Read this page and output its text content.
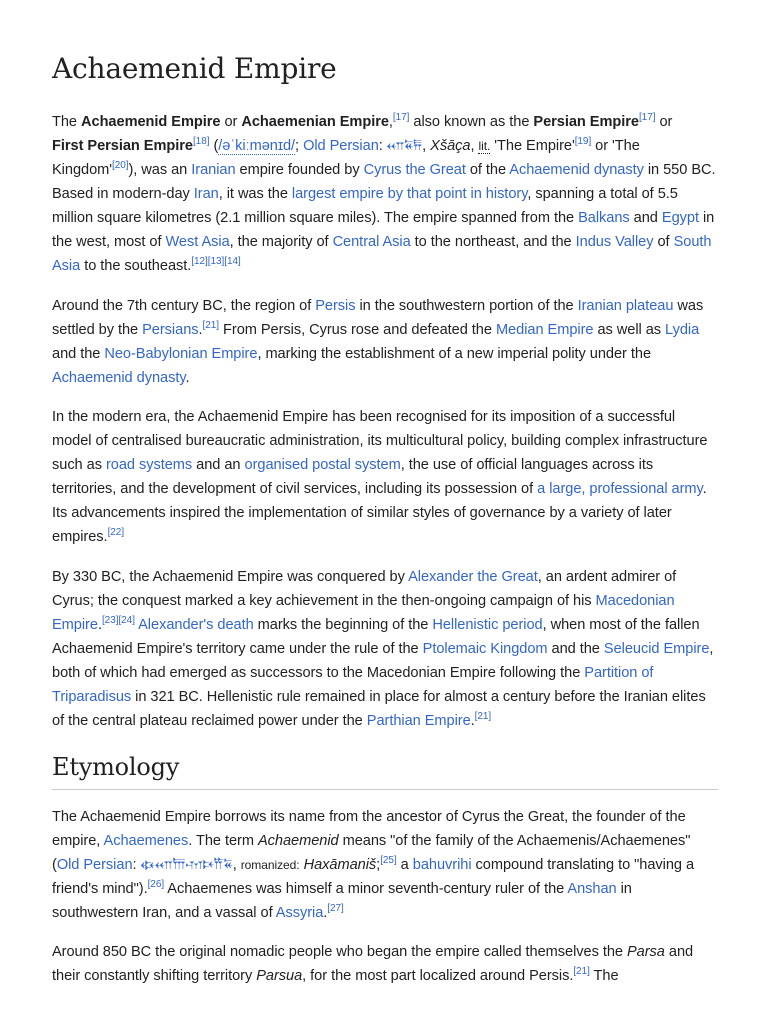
Achaemenid Empire

The Achaemenid Empire or Achaemenian Empire,[17] also known as the Persian Empire[17] or
First Persian Empire[18] (/əˈkiːmənɪd/; Old Persian: 𐎧𐏁𐏂, Xšāça, lit. 'The Empire'[19] or 'The Kingdom'[20]), was an Iranian empire founded by Cyrus the Great of the Achaemenid dynasty in 550 BC. Based in modern-day Iran, it was the largest empire by that point in history, spanning a total of 5.5 million square kilometres (2.1 million square miles). The empire spanned from the Balkans and Egypt in the west, most of West Asia, the majority of Central Asia to the northeast, and the Indus Valley of South Asia to the southeast.[12][13][14]

Around the 7th century BC, the region of Persis in the southwestern portion of the Iranian plateau was settled by the Persians.[21] From Persis, Cyrus rose and defeated the Median Empire as well as Lydia and the Neo-Babylonian Empire, marking the establishment of a new imperial polity under the Achaemenid dynasty.

In the modern era, the Achaemenid Empire has been recognised for its imposition of a successful model of centralised bureaucratic administration, its multicultural policy, building complex infrastructure such as road systems and an organised postal system, the use of official languages across its territories, and the development of civil services, including its possession of a large, professional army. Its advancements inspired the implementation of similar styles of governance by a variety of later empires.[22]

By 330 BC, the Achaemenid Empire was conquered by Alexander the Great, an ardent admirer of Cyrus; the conquest marked a key achievement in the then-ongoing campaign of his Macedonian Empire.[23][24] Alexander's death marks the beginning of the Hellenistic period, when most of the fallen Achaemenid Empire's territory came under the rule of the Ptolemaic Kingdom and the Seleucid Empire, both of which had emerged as successors to the Macedonian Empire following the Partition of Triparadisus in 321 BC. Hellenistic rule remained in place for almost a century before the Iranian elites of the central plateau reclaimed power under the Parthian Empire.[21]

Etymology

The Achaemenid Empire borrows its name from the ancestor of Cyrus the Great, the founder of the empire, Achaemenes. The term Achaemenid means "of the family of the Achaemenis/Achaemenes" (Old Persian: 𐏃𐎧𐎠𐎶𐎴𐎡𐏁, romanized: Haxāmaniš;[25] a bahuvrihi compound translating to "having a friend's mind").[26] Achaemenes was himself a minor seventh-century ruler of the Anshan in southwestern Iran, and a vassal of Assyria.[27]

Around 850 BC the original nomadic people who began the empire called themselves the Parsa and their constantly shifting territory Parsua, for the most part localized around Persis.[21] The
